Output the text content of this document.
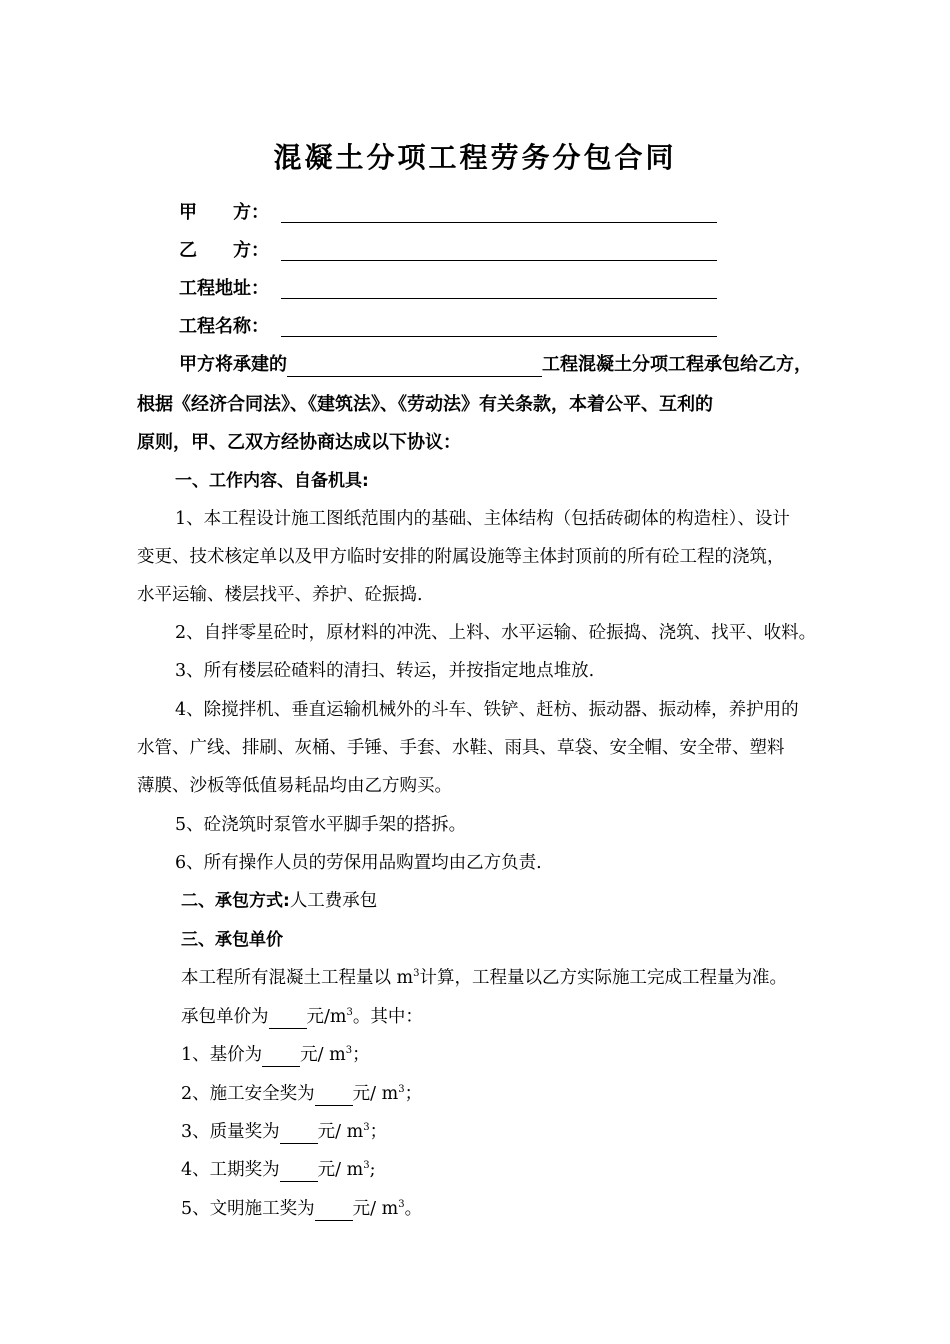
混凝土分项工程劳务分包合同
甲　　方：
乙　　方：
工程地址：
工程名称：
甲方将承建的	工程混凝土分项工程承包给乙方，
根据《经济合同法》、《建筑法》、《劳动法》有关条款，本着公平、互利的
原则，甲、乙双方经协商达成以下协议：
一、工作内容、自备机具:
1、本工程设计施工图纸范围内的基础、主体结构（包括砖砌体的构造柱）、设计
变更、技术核定单以及甲方临时安排的附属设施等主体封顶前的所有砼工程的浇筑，
水平运输、楼层找平、养护、砼振捣.
2、自拌零星砼时，原材料的冲洗、上料、水平运输、砼振捣、浇筑、找平、收料。
3、所有楼层砼碴料的清扫、转运，并按指定地点堆放.
4、除搅拌机、垂直运输机械外的斗车、铁铲、赶枋、振动器、振动棒，养护用的
水管、广线、排刷、灰桶、手锤、手套、水鞋、雨具、草袋、安全帽、安全带、塑料
薄膜、沙板等低值易耗品均由乙方购买。
5、砼浇筑时泵管水平脚手架的搭拆。
6、所有操作人员的劳保用品购置均由乙方负责.
二、承包方式:人工费承包
三、承包单价
本工程所有混凝土工程量以 $m^3$计算，工程量以乙方实际施工完成工程量为准。
承包单价为 元$/m^3$。其中：
1、基价为 元/ $m^3$；
2、施工安全奖为 元/ $m^3$；
3、质量奖为 元/ $m^3$；
4、工期奖为 元/ $m^3$;
5、文明施工奖为 元/ $m^3$。
